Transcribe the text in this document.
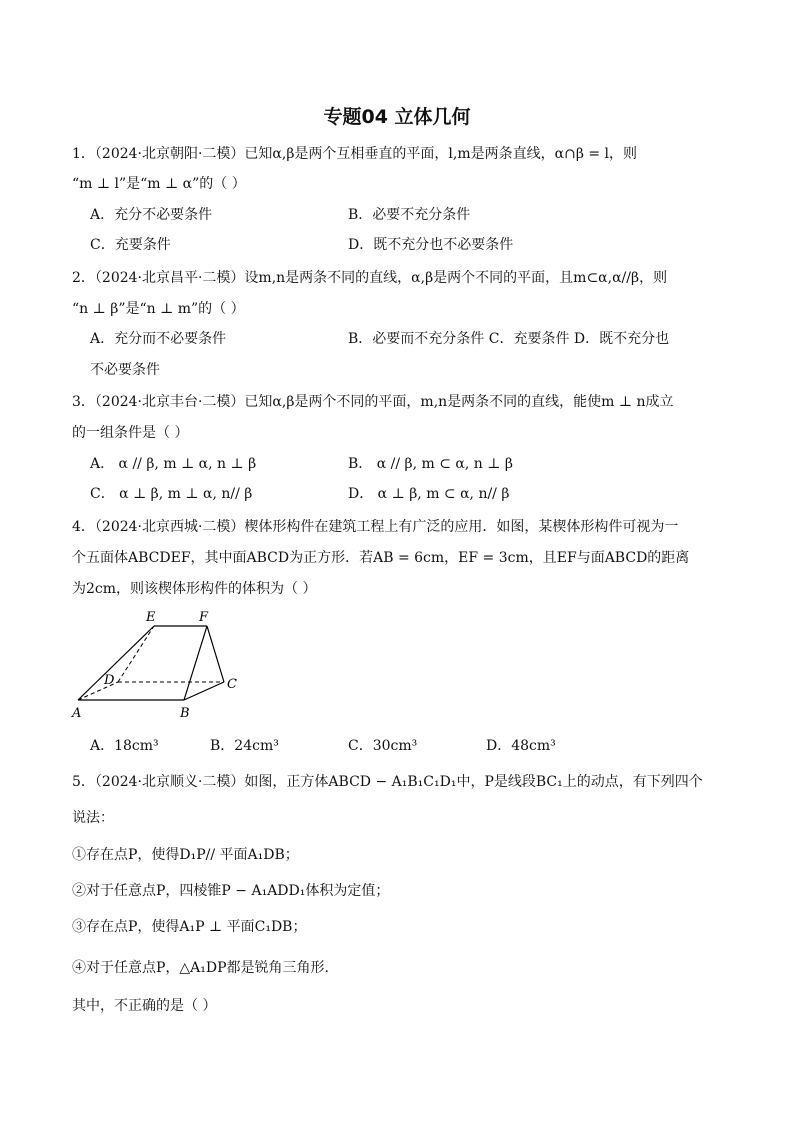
专题04 立体几何
1．（2024·北京朝阳·二模）已知α,β是两个互相垂直的平面，l,m是两条直线，α∩β = l，则
“m ⊥ l”是“m ⊥ α”的（ ）
A．充分不必要条件	B．必要不充分条件
C．充要条件	D．既不充分也不必要条件
2．（2024·北京昌平·二模）设m,n是两条不同的直线，α,β是两个不同的平面，且m⊂α,α//β，则
“n ⊥ β”是“n ⊥ m”的（ ）
A．充分而不必要条件	B．必要而不充分条件 C．充要条件 D．既不充分也
不必要条件
3．（2024·北京丰台·二模）已知α,β是两个不同的平面，m,n是两条不同的直线，能使m ⊥ n成立
的一组条件是（ ）
A． α // β, m ⊥ α, n ⊥ β	B． α // β, m ⊂ α, n ⊥ β
C． α ⊥ β, m ⊥ α, n// β	D． α ⊥ β, m ⊂ α, n// β
4．（2024·北京西城·二模）楔体形构件在建筑工程上有广泛的应用．如图，某楔体形构件可视为一
个五面体ABCDEF，其中面ABCD为正方形．若AB = 6cm，EF = 3cm，且EF与面ABCD的距离
为2cm，则该楔体形构件的体积为（ ）
E	F
D	C
A	B
A．18cm³	B．24cm³	C．30cm³	D．48cm³
5．（2024·北京顺义·二模）如图，正方体ABCD − A₁B₁C₁D₁中，P是线段BC₁上的动点，有下列四个
说法：
①存在点P，使得D₁P// 平面A₁DB；
②对于任意点P，四棱锥P − A₁ADD₁体积为定值；
③存在点P，使得A₁P ⊥ 平面C₁DB；
④对于任意点P，△A₁DP都是锐角三角形.
其中，不正确的是（ ）
